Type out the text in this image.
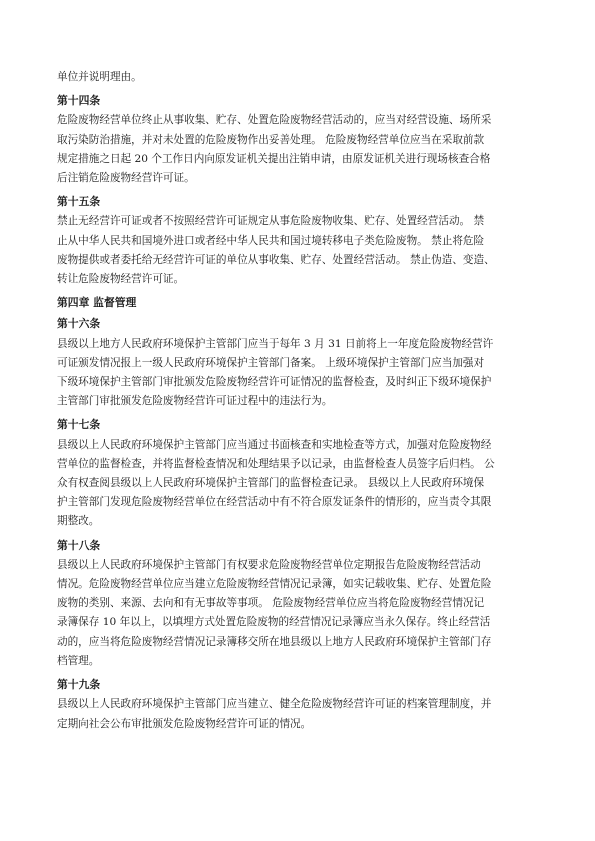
单位并说明理由。
第十四条
危险废物经营单位终止从事收集、贮存、处置危险废物经营活动的，应当对经营设施、场所采
取污染防治措施，并对未处置的危险废物作出妥善处理。 危险废物经营单位应当在采取前款
规定措施之日起 20 个工作日内向原发证机关提出注销申请，由原发证机关进行现场核查合格
后注销危险废物经营许可证。
第十五条
禁止无经营许可证或者不按照经营许可证规定从事危险废物收集、贮存、处置经营活动。 禁
止从中华人民共和国境外进口或者经中华人民共和国过境转移电子类危险废物。 禁止将危险
废物提供或者委托给无经营许可证的单位从事收集、贮存、处置经营活动。 禁止伪造、变造、
转让危险废物经营许可证。
第四章 监督管理
第十六条
县级以上地方人民政府环境保护主管部门应当于每年 3 月 31 日前将上一年度危险废物经营许
可证颁发情况报上一级人民政府环境保护主管部门备案。 上级环境保护主管部门应当加强对
下级环境保护主管部门审批颁发危险废物经营许可证情况的监督检查，及时纠正下级环境保护
主管部门审批颁发危险废物经营许可证过程中的违法行为。
第十七条
县级以上人民政府环境保护主管部门应当通过书面核查和实地检查等方式，加强对危险废物经
营单位的监督检查，并将监督检查情况和处理结果予以记录，由监督检查人员签字后归档。 公
众有权查阅县级以上人民政府环境保护主管部门的监督检查记录。 县级以上人民政府环境保
护主管部门发现危险废物经营单位在经营活动中有不符合原发证条件的情形的，应当责令其限
期整改。
第十八条
县级以上人民政府环境保护主管部门有权要求危险废物经营单位定期报告危险废物经营活动
情况。危险废物经营单位应当建立危险废物经营情况记录簿，如实记载收集、贮存、处置危险
废物的类别、来源、去向和有无事故等事项。 危险废物经营单位应当将危险废物经营情况记
录簿保存 10 年以上，以填埋方式处置危险废物的经营情况记录簿应当永久保存。终止经营活
动的，应当将危险废物经营情况记录簿移交所在地县级以上地方人民政府环境保护主管部门存
档管理。
第十九条
县级以上人民政府环境保护主管部门应当建立、健全危险废物经营许可证的档案管理制度，并
定期向社会公布审批颁发危险废物经营许可证的情况。
